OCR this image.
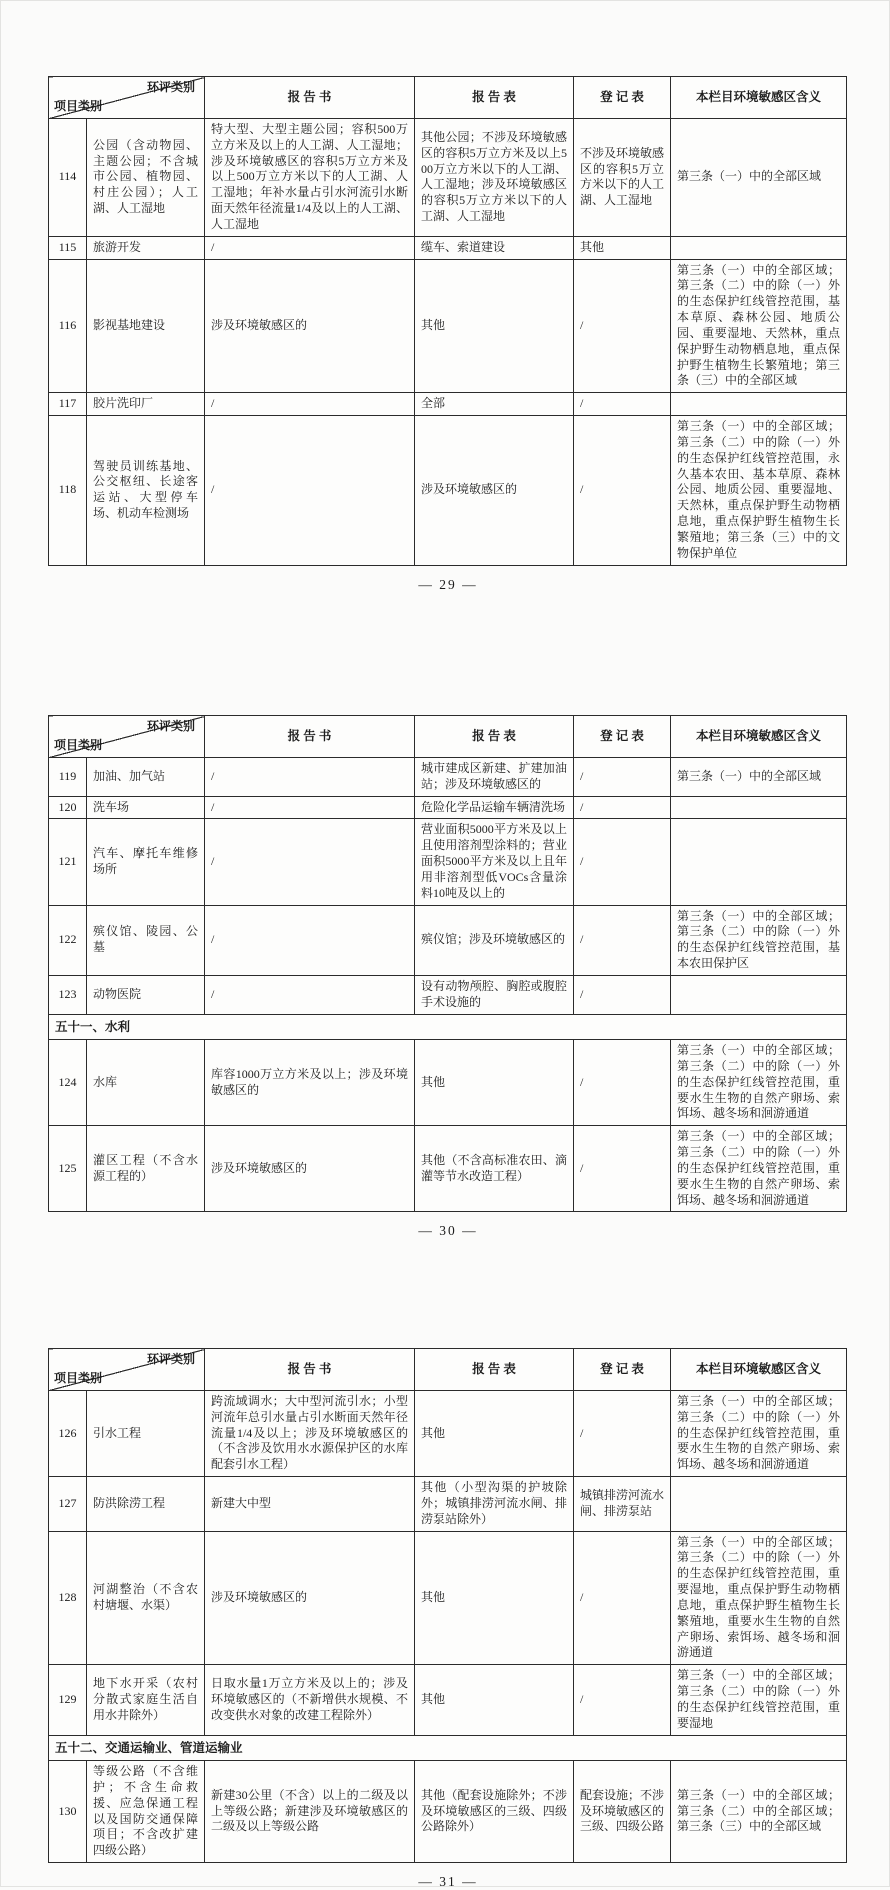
环评类别
项目类别		报 告 书	报 告 表	登 记 表	本栏目环境敏感区含义
114	公园（含动物园、主题公园；不含城市公园、植物园、村庄公园）；人工湖、人工湿地	特大型、大型主题公园；容积500万立方米及以上的人工湖、人工湿地；涉及环境敏感区的容积5万立方米及以上500万立方米以下的人工湖、人工湿地；年补水量占引水河流引水断面天然年径流量1/4及以上的人工湖、人工湿地	其他公园；不涉及环境敏感区的容积5万立方米及以上500万立方米以下的人工湖、人工湿地；涉及环境敏感区的容积5万立方米以下的人工湖、人工湿地	不涉及环境敏感区的容积5万立方米以下的人工湖、人工湿地	第三条（一）中的全部区域
115	旅游开发	/	缆车、索道建设	其他	
116	影视基地建设	涉及环境敏感区的	其他	/	第三条（一）中的全部区域；第三条（二）中的除（一）外的生态保护红线管控范围，基本草原、森林公园、地质公园、重要湿地、天然林，重点保护野生动物栖息地，重点保护野生植物生长繁殖地；第三条（三）中的全部区域
117	胶片洗印厂	/	全部	/	
118	驾驶员训练基地、公交枢纽、长途客运站、大型停车场、机动车检测场	/	涉及环境敏感区的	/	第三条（一）中的全部区域；第三条（二）中的除（一）外的生态保护红线管控范围，永久基本农田、基本草原、森林公园、地质公园、重要湿地、天然林，重点保护野生动物栖息地，重点保护野生植物生长繁殖地；第三条（三）中的文物保护单位
— 29 —
环评类别
项目类别		报 告 书	报 告 表	登 记 表	本栏目环境敏感区含义
119	加油、加气站	/	城市建成区新建、扩建加油站；涉及环境敏感区的	/	第三条（一）中的全部区域
120	洗车场	/	危险化学品运输车辆清洗场	/	
121	汽车、摩托车维修场所	/	营业面积5000平方米及以上且使用溶剂型涂料的；营业面积5000平方米及以上且年用非溶剂型低VOCs含量涂料10吨及以上的	/	
122	殡仪馆、陵园、公墓	/	殡仪馆；涉及环境敏感区的	/	第三条（一）中的全部区域；第三条（二）中的除（一）外的生态保护红线管控范围，基本农田保护区
123	动物医院	/	设有动物颅腔、胸腔或腹腔手术设施的	/	
五十一、水利					
124	水库	库容1000万立方米及以上；涉及环境敏感区的	其他	/	第三条（一）中的全部区域；第三条（二）中的除（一）外的生态保护红线管控范围，重要水生生物的自然产卵场、索饵场、越冬场和洄游通道
125	灌区工程（不含水源工程的）	涉及环境敏感区的	其他（不含高标准农田、滴灌等节水改造工程）	/	第三条（一）中的全部区域；第三条（二）中的除（一）外的生态保护红线管控范围，重要水生生物的自然产卵场、索饵场、越冬场和洄游通道
— 30 —
环评类别
项目类别		报 告 书	报 告 表	登 记 表	本栏目环境敏感区含义
126	引水工程	跨流域调水；大中型河流引水；小型河流年总引水量占引水断面天然年径流量1/4及以上；涉及环境敏感区的（不含涉及饮用水水源保护区的水库配套引水工程）	其他	/	第三条（一）中的全部区域；第三条（二）中的除（一）外的生态保护红线管控范围，重要水生生物的自然产卵场、索饵场、越冬场和洄游通道
127	防洪除涝工程	新建大中型	其他（小型沟渠的护坡除外；城镇排涝河流水闸、排涝泵站除外）	城镇排涝河流水闸、排涝泵站	
128	河湖整治（不含农村塘堰、水渠）	涉及环境敏感区的	其他	/	第三条（一）中的全部区域；第三条（二）中的除（一）外的生态保护红线管控范围，重要湿地，重点保护野生动物栖息地，重点保护野生植物生长繁殖地，重要水生生物的自然产卵场、索饵场、越冬场和洄游通道
129	地下水开采（农村分散式家庭生活自用水井除外）	日取水量1万立方米及以上的；涉及环境敏感区的（不新增供水规模、不改变供水对象的改建工程除外）	其他	/	第三条（一）中的全部区域；第三条（二）中的除（一）外的生态保护红线管控范围，重要湿地
五十二、交通运输业、管道运输业					
130	等级公路（不含维护；不含生命救援、应急保通工程以及国防交通保障项目；不含改扩建四级公路）	新建30公里（不含）以上的二级及以上等级公路；新建涉及环境敏感区的二级及以上等级公路	其他（配套设施除外；不涉及环境敏感区的三级、四级公路除外）	配套设施；不涉及环境敏感区的三级、四级公路	第三条（一）中的全部区域；第三条（二）中的全部区域；第三条（三）中的全部区域
— 31 —
